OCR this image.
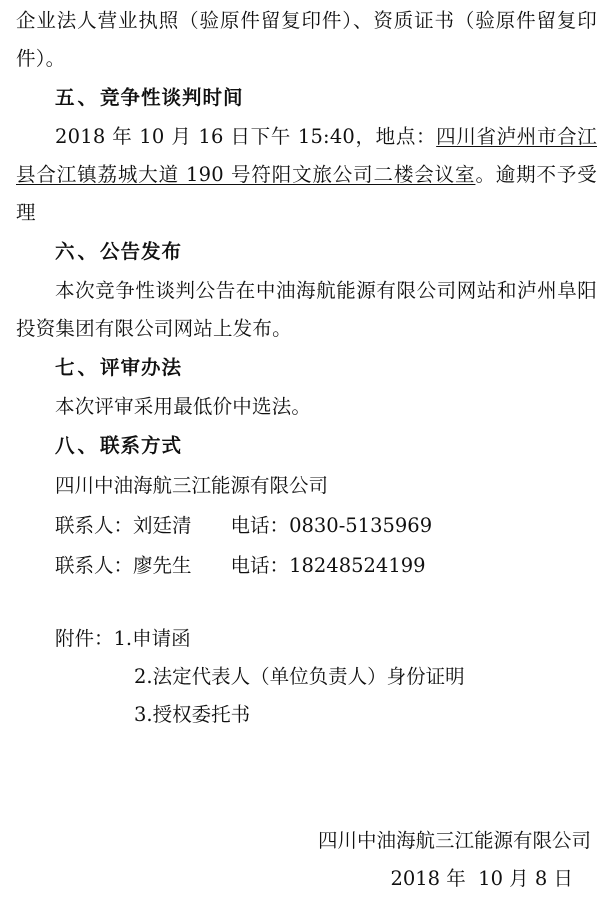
企业法人营业执照（验原件留复印件）、资质证书（验原件留复印件）。

五、竞争性谈判时间

2018 年 10 月 16 日下午 15:40，地点：四川省泸州市合江县合江镇荔城大道 190 号符阳文旅公司二楼会议室。逾期不予受理

六、公告发布

本次竞争性谈判公告在中油海航能源有限公司网站和泸州阜阳投资集团有限公司网站上发布。

七、评审办法

本次评审采用最低价中选法。

八、联系方式

四川中油海航三江能源有限公司

联系人：刘廷清　　 电话：0830-5135969

联系人：廖先生　　 电话：18248524199

附件：1.申请函

2.法定代表人（单位负责人）身份证明

3.授权委托书

四川中油海航三江能源有限公司

2018 年  10 月 8 日
